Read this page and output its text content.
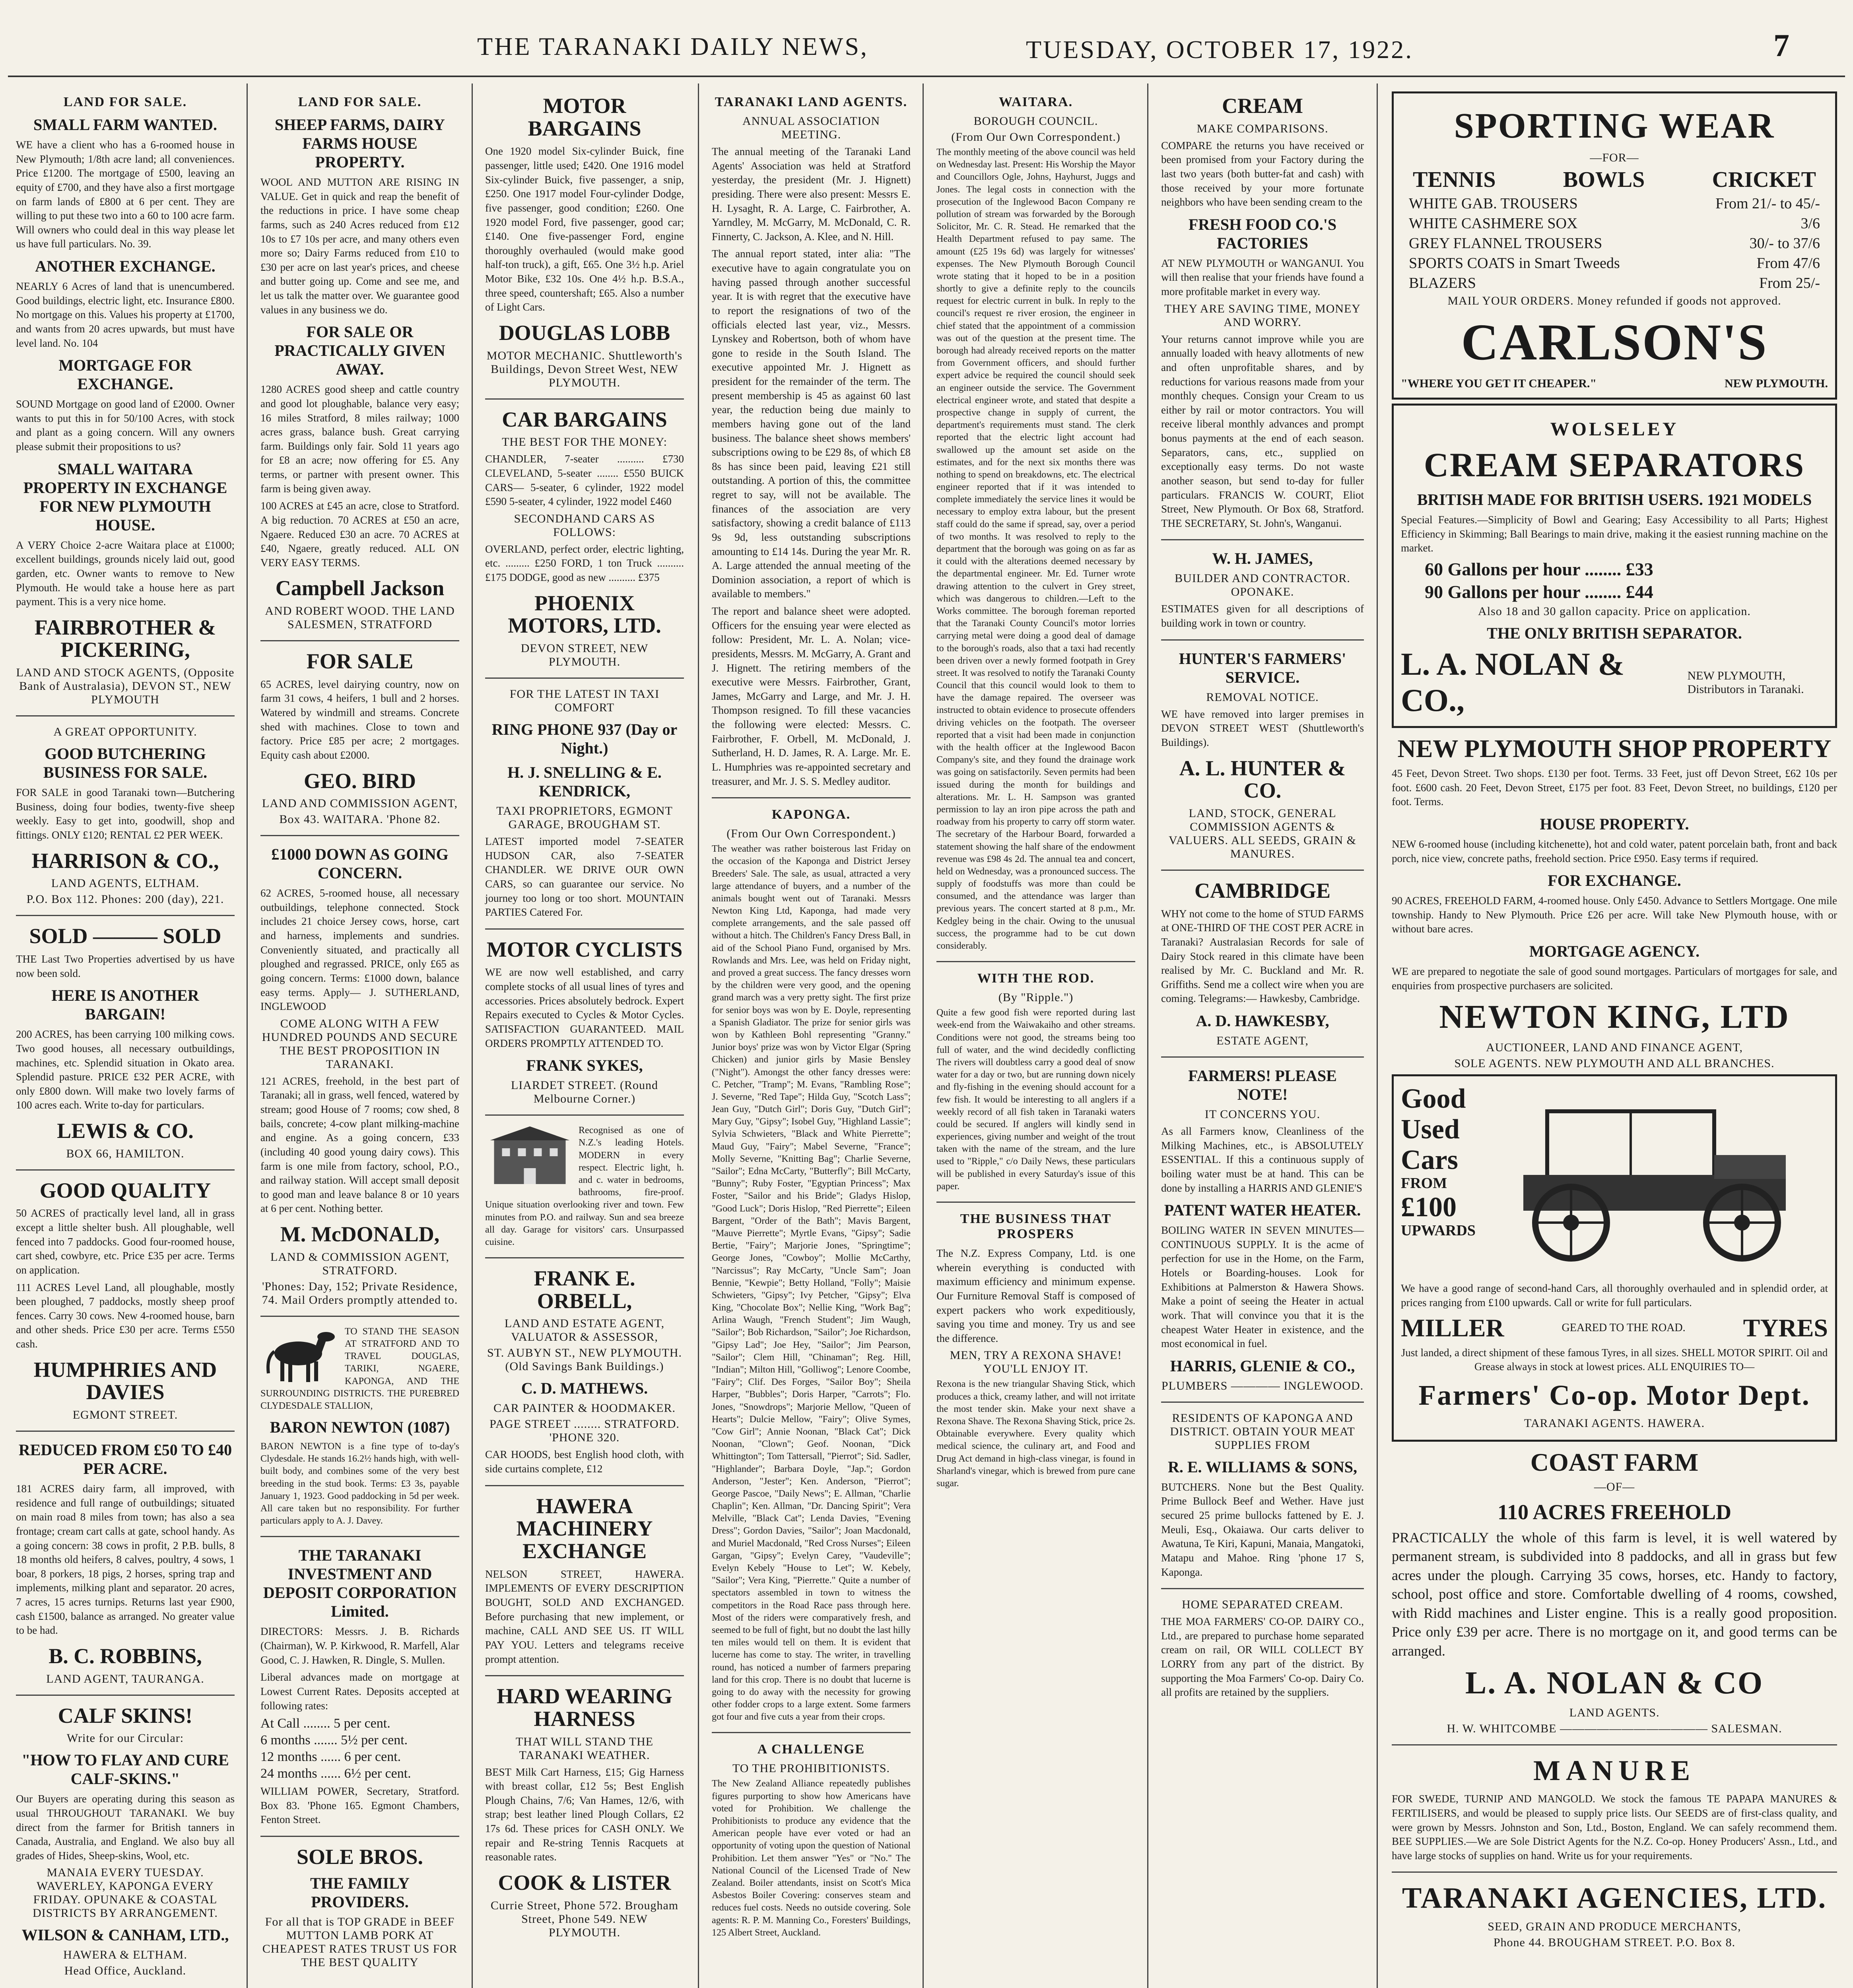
THE TARANAKI DAILY NEWS,	TUESDAY, OCTOBER 17, 1922.	7
LAND FOR SALE.
SMALL FARM WANTED.
WE have a client who has a 6-roomed house in New Plymouth; 1/8th acre land; all conveniences. Price £1200. The mortgage of £500, leaving an equity of £700, and they have also a first mortgage on farm lands of £800 at 6 per cent. They are willing to put these two into a 60 to 100 acre farm. Will owners who could deal in this way please let us have full particulars. No. 39.
ANOTHER EXCHANGE.
NEARLY 6 Acres of land that is unencumbered. Good buildings, electric light, etc. Insurance £800. No mortgage on this. Values his property at £1700, and wants from 20 acres upwards, but must have level land. No. 104
MORTGAGE FOR EXCHANGE.
SOUND Mortgage on good land of £2000. Owner wants to put this in for 50/100 Acres, with stock and plant as a going concern. Will any owners please submit their propositions to us?
SMALL WAITARA PROPERTY IN EXCHANGE FOR NEW PLYMOUTH HOUSE.
A VERY Choice 2-acre Waitara place at £1000; excellent buildings, grounds nicely laid out, good garden, etc. Owner wants to remove to New Plymouth. He would take a house here as part payment. This is a very nice home.
FAIRBROTHER & PICKERING,
LAND AND STOCK AGENTS, (Opposite Bank of Australasia), DEVON ST., NEW PLYMOUTH
A GREAT OPPORTUNITY.
GOOD BUTCHERING BUSINESS FOR SALE.
FOR SALE in good Taranaki town—Butchering Business, doing four bodies, twenty-five sheep weekly. Easy to get into, goodwill, shop and fittings. ONLY £120; RENTAL £2 PER WEEK.
HARRISON & CO.,
LAND AGENTS, ELTHAM.
P.O. Box 112. Phones: 200 (day), 221.
SOLD ——— SOLD
THE Last Two Properties advertised by us have now been sold.
HERE IS ANOTHER BARGAIN!
200 ACRES, has been carrying 100 milking cows. Two good houses, all necessary outbuildings, machines, etc. Splendid situation in Okato area. Splendid pasture. PRICE £32 PER ACRE, with only £800 down. Will make two lovely farms of 100 acres each. Write to-day for particulars.
LEWIS & CO.
BOX 66, HAMILTON.
GOOD QUALITY
50 ACRES of practically level land, all in grass except a little shelter bush. All ploughable, well fenced into 7 paddocks. Good four-roomed house, cart shed, cowbyre, etc. Price £35 per acre. Terms on application.
111 ACRES Level Land, all ploughable, mostly been ploughed, 7 paddocks, mostly sheep proof fences. Carry 30 cows. New 4-roomed house, barn and other sheds. Price £30 per acre. Terms £550 cash.
HUMPHRIES AND DAVIES
EGMONT STREET.
REDUCED FROM £50 TO £40 PER ACRE.
181 ACRES dairy farm, all improved, with residence and full range of outbuildings; situated on main road 8 miles from town; has also a sea frontage; cream cart calls at gate, school handy. As a going concern: 38 cows in profit, 2 P.B. bulls, 8 18 months old heifers, 8 calves, poultry, 4 sows, 1 boar, 8 porkers, 18 pigs, 2 horses, spring trap and implements, milking plant and separator. 20 acres, 7 acres, 15 acres turnips. Returns last year £900, cash £1500, balance as arranged. No greater value to be had.
B. C. ROBBINS,
LAND AGENT, TAURANGA.
CALF SKINS!
Write for our Circular:
"HOW TO FLAY AND CURE CALF-SKINS."
Our Buyers are operating during this season as usual THROUGHOUT TARANAKI. We buy direct from the farmer for British tanners in Canada, Australia, and England. We also buy all grades of Hides, Sheep-skins, Wool, etc.
MANAIA EVERY TUESDAY. WAVERLEY, KAPONGA EVERY FRIDAY. OPUNAKE & COASTAL DISTRICTS BY ARRANGEMENT.
WILSON & CANHAM, LTD.,
HAWERA & ELTHAM.
Head Office, Auckland.
LAND FOR SALE.
SHEEP FARMS, DAIRY FARMS HOUSE PROPERTY.
WOOL AND MUTTON ARE RISING IN VALUE. Get in quick and reap the benefit of the reductions in price. I have some cheap farms, such as 240 Acres reduced from £12 10s to £7 10s per acre, and many others even more so; Dairy Farms reduced from £10 to £30 per acre on last year's prices, and cheese and butter going up. Come and see me, and let us talk the matter over. We guarantee good values in any business we do.
FOR SALE OR PRACTICALLY GIVEN AWAY.
1280 ACRES good sheep and cattle country and good lot ploughable, balance very easy; 16 miles Stratford, 8 miles railway; 1000 acres grass, balance bush. Great carrying farm. Buildings only fair. Sold 11 years ago for £8 an acre; now offering for £5. Any terms, or partner with present owner. This farm is being given away.
100 ACRES at £45 an acre, close to Stratford. A big reduction. 70 ACRES at £50 an acre, Ngaere. Reduced £30 an acre. 70 ACRES at £40, Ngaere, greatly reduced. ALL ON VERY EASY TERMS.
Campbell Jackson
AND ROBERT WOOD. THE LAND SALESMEN, STRATFORD
FOR SALE
65 ACRES, level dairying country, now on farm 31 cows, 4 heifers, 1 bull and 2 horses. Watered by windmill and streams. Concrete shed with machines. Close to town and factory. Price £85 per acre; 2 mortgages. Equity cash about £2000.
GEO. BIRD
LAND AND COMMISSION AGENT,
Box 43. WAITARA. 'Phone 82.
£1000 DOWN AS GOING CONCERN.
62 ACRES, 5-roomed house, all necessary outbuildings, telephone connected. Stock includes 21 choice Jersey cows, horse, cart and harness, implements and sundries. Conveniently situated, and practically all ploughed and regrassed. PRICE, only £65 as going concern. Terms: £1000 down, balance easy terms. Apply— J. SUTHERLAND, INGLEWOOD
COME ALONG WITH A FEW HUNDRED POUNDS AND SECURE THE BEST PROPOSITION IN TARANAKI.
121 ACRES, freehold, in the best part of Taranaki; all in grass, well fenced, watered by stream; good House of 7 rooms; cow shed, 8 bails, concrete; 4-cow plant milking-machine and engine. As a going concern, £33 (including 40 good young dairy cows). This farm is one mile from factory, school, P.O., and railway station. Will accept small deposit to good man and leave balance 8 or 10 years at 6 per cent. Nothing better.
M. McDONALD,
LAND & COMMISSION AGENT, STRATFORD.
'Phones: Day, 152; Private Residence, 74. Mail Orders promptly attended to.
TO STAND THE SEASON AT STRATFORD AND TO TRAVEL DOUGLAS, TARIKI, NGAERE, KAPONGA, AND THE SURROUNDING DISTRICTS. THE PUREBRED CLYDESDALE STALLION,
BARON NEWTON (1087)
BARON NEWTON is a fine type of to-day's Clydesdale. He stands 16.2½ hands high, with well-built body, and combines some of the very best breeding in the stud book. Terms: £3 3s, payable January 1, 1923. Good paddocking in 5d per week. All care taken but no responsibility. For further particulars apply to A. J. Davey.
THE TARANAKI INVESTMENT AND DEPOSIT CORPORATION Limited.
DIRECTORS: Messrs. J. B. Richards (Chairman), W. P. Kirkwood, R. Marfell, Alar Good, C. J. Hawken, R. Dingle, S. Mullen.
Liberal advances made on mortgage at Lowest Current Rates. Deposits accepted at following rates:
At Call ........ 5 per cent.
6 months ....... 5½ per cent.
12 months ...... 6 per cent.
24 months ...... 6½ per cent.
WILLIAM POWER, Secretary, Stratford. Box 83. 'Phone 165. Egmont Chambers, Fenton Street.
SOLE BROS.
THE FAMILY PROVIDERS.
For all that is TOP GRADE in BEEF MUTTON LAMB PORK AT CHEAPEST RATES TRUST US FOR THE BEST QUALITY
MOTOR BARGAINS
One 1920 model Six-cylinder Buick, fine passenger, little used; £420. One 1916 model Six-cylinder Buick, five passenger, a snip, £250. One 1917 model Four-cylinder Dodge, five passenger, good condition; £260. One 1920 model Ford, five passenger, good car; £140. One five-passenger Ford, engine thoroughly overhauled (would make good half-ton truck), a gift, £65. One 3½ h.p. Ariel Motor Bike, £32 10s. One 4½ h.p. B.S.A., three speed, countershaft; £65. Also a number of Light Cars.
DOUGLAS LOBB
MOTOR MECHANIC. Shuttleworth's Buildings, Devon Street West, NEW PLYMOUTH.
CAR BARGAINS
THE BEST FOR THE MONEY:
CHANDLER, 7-seater .......... £730 CLEVELAND, 5-seater ........ £550 BUICK CARS— 5-seater, 6 cylinder, 1922 model £590 5-seater, 4 cylinder, 1922 model £460
SECONDHAND CARS AS FOLLOWS:
OVERLAND, perfect order, electric lighting, etc. ......... £250 FORD, 1 ton Truck .......... £175 DODGE, good as new .......... £375
PHOENIX MOTORS, LTD.
DEVON STREET, NEW PLYMOUTH.
FOR THE LATEST IN TAXI COMFORT
RING PHONE 937 (Day or Night.)
H. J. SNELLING & E. KENDRICK,
TAXI PROPRIETORS, EGMONT GARAGE, BROUGHAM ST.
LATEST imported model 7-SEATER HUDSON CAR, also 7-SEATER CHANDLER. WE DRIVE OUR OWN CARS, so can guarantee our service. No journey too long or too short. MOUNTAIN PARTIES Catered For.
MOTOR CYCLISTS
WE are now well established, and carry complete stocks of all usual lines of tyres and accessories. Prices absolutely bedrock. Expert Repairs executed to Cycles & Motor Cycles. SATISFACTION GUARANTEED. MAIL ORDERS PROMPTLY ATTENDED TO.
FRANK SYKES,
LIARDET STREET. (Round Melbourne Corner.)
Recognised as one of N.Z.'s leading Hotels. MODERN in every respect. Electric light, h. and c. water in bedrooms, bathrooms, fire-proof. Unique situation overlooking river and town. Few minutes from P.O. and railway. Sun and sea breeze all day. Garage for visitors' cars. Unsurpassed cuisine.
FRANK E. ORBELL,
LAND AND ESTATE AGENT, VALUATOR & ASSESSOR,
ST. AUBYN ST., NEW PLYMOUTH. (Old Savings Bank Buildings.)
C. D. MATHEWS.
CAR PAINTER & HOODMAKER.
PAGE STREET ........ STRATFORD. 'PHONE 320.
CAR HOODS, best English hood cloth, with side curtains complete, £12
HAWERA MACHINERY EXCHANGE
NELSON STREET, HAWERA. IMPLEMENTS OF EVERY DESCRIPTION BOUGHT, SOLD AND EXCHANGED. Before purchasing that new implement, or machine, CALL AND SEE US. IT WILL PAY YOU. Letters and telegrams receive prompt attention.
HARD WEARING HARNESS
THAT WILL STAND THE TARANAKI WEATHER.
BEST Milk Cart Harness, £15; Gig Harness with breast collar, £12 5s; Best English Plough Chains, 7/6; Van Hames, 12/6, with strap; best leather lined Plough Collars, £2 17s 6d. These prices for CASH ONLY. We repair and Re-string Tennis Racquets at reasonable rates.
COOK & LISTER
Currie Street, Phone 572. Brougham Street, Phone 549. NEW PLYMOUTH.
TARANAKI LAND AGENTS.
ANNUAL ASSOCIATION MEETING.
The annual meeting of the Taranaki Land Agents' Association was held at Stratford yesterday, the president (Mr. J. Hignett) presiding. There were also present: Messrs E. H. Lysaght, R. A. Large, C. Fairbrother, A. Yarndley, M. McGarry, M. McDonald, C. R. Finnerty, C. Jackson, A. Klee, and N. Hill.
The annual report stated, inter alia: "The executive have to again congratulate you on having passed through another successful year. It is with regret that the executive have to report the resignations of two of the officials elected last year, viz., Messrs. Lynskey and Robertson, both of whom have gone to reside in the South Island. The executive appointed Mr. J. Hignett as president for the remainder of the term. The present membership is 45 as against 60 last year, the reduction being due mainly to members having gone out of the land business. The balance sheet shows members' subscriptions owing to be £29 8s, of which £8 8s has since been paid, leaving £21 still outstanding. A portion of this, the committee regret to say, will not be available. The finances of the association are very satisfactory, showing a credit balance of £113 9s 9d, less outstanding subscriptions amounting to £14 14s. During the year Mr. R. A. Large attended the annual meeting of the Dominion association, a report of which is available to members."
The report and balance sheet were adopted. Officers for the ensuing year were elected as follow: President, Mr. L. A. Nolan; vice-presidents, Messrs. M. McGarry, A. Grant and J. Hignett. The retiring members of the executive were Messrs. Fairbrother, Grant, James, McGarry and Large, and Mr. J. H. Thompson resigned. To fill these vacancies the following were elected: Messrs. C. Fairbrother, F. Orbell, M. McDonald, J. Sutherland, H. D. James, R. A. Large. Mr. E. L. Humphries was re-appointed secretary and treasurer, and Mr. J. S. S. Medley auditor.
KAPONGA.
(From Our Own Correspondent.)
The weather was rather boisterous last Friday on the occasion of the Kaponga and District Jersey Breeders' Sale. The sale, as usual, attracted a very large attendance of buyers, and a number of the animals bought went out of Taranaki. Messrs Newton King Ltd, Kaponga, had made very complete arrangements, and the sale passed off without a hitch. The Children's Fancy Dress Ball, in aid of the School Piano Fund, organised by Mrs. Rowlands and Mrs. Lee, was held on Friday night, and proved a great success. The fancy dresses worn by the children were very good, and the opening grand march was a very pretty sight. The first prize for senior boys was won by E. Doyle, representing a Spanish Gladiator. The prize for senior girls was won by Kathleen Bohl representing "Granny." Junior boys' prize was won by Victor Elgar (Spring Chicken) and junior girls by Masie Bensley ("Night"). Amongst the other fancy dresses were: C. Petcher, "Tramp"; M. Evans, "Rambling Rose"; J. Severne, "Red Tape"; Hilda Guy, "Scotch Lass"; Jean Guy, "Dutch Girl"; Doris Guy, "Dutch Girl"; Mary Guy, "Gipsy"; Isobel Guy, "Highland Lassie"; Sylvia Schwieters, "Black and White Pierrette"; Maud Guy, "Fairy"; Mabel Severne, "France"; Molly Severne, "Knitting Bag"; Charlie Severne, "Sailor"; Edna McCarty, "Butterfly"; Bill McCarty, "Bunny"; Ruby Foster, "Egyptian Princess"; Max Foster, "Sailor and his Bride"; Gladys Hislop, "Good Luck"; Doris Hislop, "Red Pierrette"; Eileen Bargent, "Order of the Bath"; Mavis Bargent, "Mauve Pierrette"; Myrtle Evans, "Gipsy"; Sadie Bertie, "Fairy"; Marjorie Jones, "Springtime"; George Jones, "Cowboy"; Mollie McCarthy, "Narcissus"; Ray McCarty, "Uncle Sam"; Joan Bennie, "Kewpie"; Betty Holland, "Folly"; Maisie Schwieters, "Gipsy"; Ivy Petcher, "Gipsy"; Elva King, "Chocolate Box"; Nellie King, "Work Bag"; Arlina Waugh, "French Student"; Jim Waugh, "Sailor"; Bob Richardson, "Sailor"; Joe Richardson, "Gipsy Lad"; Joe Hey, "Sailor"; Jim Pearson, "Sailor"; Clem Hill, "Chinaman"; Reg. Hill, "Indian"; Milton Hill, "Golliwog"; Lenore Coombe, "Fairy"; Clif. Des Forges, "Sailor Boy"; Sheila Harper, "Bubbles"; Doris Harper, "Carrots"; Flo. Jones, "Snowdrops"; Marjorie Mellow, "Queen of Hearts"; Dulcie Mellow, "Fairy"; Olive Symes, "Cow Girl"; Annie Noonan, "Black Cat"; Dick Noonan, "Clown"; Geof. Noonan, "Dick Whittington"; Tom Tattersall, "Pierrot"; Sid. Sadler, "Highlander"; Barbara Doyle, "Jap."; Gordon Anderson, "Jester"; Ken. Anderson, "Pierrot"; George Pascoe, "Daily News"; E. Allman, "Charlie Chaplin"; Ken. Allman, "Dr. Dancing Spirit"; Vera Melville, "Black Cat"; Lenda Davies, "Evening Dress"; Gordon Davies, "Sailor"; Joan Macdonald, and Muriel Macdonald, "Red Cross Nurses"; Eileen Gargan, "Gipsy"; Evelyn Carey, "Vaudeville"; Evelyn Kebely "House to Let"; W. Kebely, "Sailor"; Vera King, "Pierrette." Quite a number of spectators assembled in town to witness the competitors in the Road Race pass through here. Most of the riders were comparatively fresh, and seemed to be full of fight, but no doubt the last hilly ten miles would tell on them. It is evident that lucerne has come to stay. The writer, in travelling round, has noticed a number of farmers preparing land for this crop. There is no doubt that lucerne is going to do away with the necessity for growing other fodder crops to a large extent. Some farmers got four and five cuts a year from their crops.
A CHALLENGE
TO THE PROHIBITIONISTS.
The New Zealand Alliance repeatedly publishes figures purporting to show how Americans have voted for Prohibition. We challenge the Prohibitionists to produce any evidence that the American people have ever voted or had an opportunity of voting upon the question of National Prohibition. Let them answer "Yes" or "No." The National Council of the Licensed Trade of New Zealand. Boiler attendants, insist on Scott's Mica Asbestos Boiler Covering: conserves steam and reduces fuel costs. Needs no outside covering. Sole agents: R. P. M. Manning Co., Foresters' Buildings, 125 Albert Street, Auckland.
WAITARA.
BOROUGH COUNCIL.
(From Our Own Correspondent.)
The monthly meeting of the above council was held on Wednesday last. Present: His Worship the Mayor and Councillors Ogle, Johns, Hayhurst, Juggs and Jones. The legal costs in connection with the prosecution of the Inglewood Bacon Company re pollution of stream was forwarded by the Borough Solicitor, Mr. C. R. Stead. He remarked that the Health Department refused to pay same. The amount (£25 19s 6d) was largely for witnesses' expenses. The New Plymouth Borough Council wrote stating that it hoped to be in a position shortly to give a definite reply to the councils request for electric current in bulk. In reply to the council's request re river erosion, the engineer in chief stated that the appointment of a commission was out of the question at the present time. The borough had already received reports on the matter from Government officers, and should further expert advice be required the council should seek an engineer outside the service. The Government electrical engineer wrote, and stated that despite a prospective change in supply of current, the department's requirements must stand. The clerk reported that the electric light account had swallowed up the amount set aside on the estimates, and for the next six months there was nothing to spend on breakdowns, etc. The electrical engineer reported that if it was intended to complete immediately the service lines it would be necessary to employ extra labour, but the present staff could do the same if spread, say, over a period of two months. It was resolved to reply to the department that the borough was going on as far as it could with the alterations deemed necessary by the departmental engineer. Mr. Ed. Turner wrote drawing attention to the culvert in Grey street, which was dangerous to children.—Left to the Works committee. The borough foreman reported that the Taranaki County Council's motor lorries carrying metal were doing a good deal of damage to the borough's roads, also that a taxi had recently been driven over a newly formed footpath in Grey street. It was resolved to notify the Taranaki County Council that this council would look to them to have the damage repaired. The overseer was instructed to obtain evidence to prosecute offenders driving vehicles on the footpath. The overseer reported that a visit had been made in conjunction with the health officer at the Inglewood Bacon Company's site, and they found the drainage work was going on satisfactorily. Seven permits had been issued during the month for buildings and alterations. Mr. L. H. Sampson was granted permission to lay an iron pipe across the path and roadway from his property to carry off storm water. The secretary of the Harbour Board, forwarded a statement showing the half share of the endowment revenue was £98 4s 2d. The annual tea and concert, held on Wednesday, was a pronounced success. The supply of foodstuffs was more than could be consumed, and the attendance was larger than previous years. The concert started at 8 p.m., Mr. Kedgley being in the chair. Owing to the unusual success, the programme had to be cut down considerably.
WITH THE ROD.
(By "Ripple.")
Quite a few good fish were reported during last week-end from the Waiwakaiho and other streams. Conditions were not good, the streams being too full of water, and the wind decidedly conflicting The rivers will doubtless carry a good deal of snow water for a day or two, but are running down nicely and fly-fishing in the evening should account for a few fish. It would be interesting to all anglers if a weekly record of all fish taken in Taranaki waters could be secured. If anglers will kindly send in experiences, giving number and weight of the trout taken with the name of the stream, and the lure used to "Ripple," c/o Daily News, these particulars will be published in every Saturday's issue of this paper.
THE BUSINESS THAT PROSPERS
The N.Z. Express Company, Ltd. is one wherein everything is conducted with maximum efficiency and minimum expense. Our Furniture Removal Staff is composed of expert packers who work expeditiously, saving you time and money. Try us and see the difference.
MEN, TRY A REXONA SHAVE! YOU'LL ENJOY IT.
Rexona is the new triangular Shaving Stick, which produces a thick, creamy lather, and will not irritate the most tender skin. Make your next shave a Rexona Shave. The Rexona Shaving Stick, price 2s. Obtainable everywhere. Every quality which medical science, the culinary art, and Food and Drug Act demand in high-class vinegar, is found in Sharland's vinegar, which is brewed from pure cane sugar.
CREAM
MAKE COMPARISONS.
COMPARE the returns you have received or been promised from your Factory during the last two years (both butter-fat and cash) with those received by your more fortunate neighbors who have been sending cream to the
FRESH FOOD CO.'S FACTORIES
AT NEW PLYMOUTH or WANGANUI. You will then realise that your friends have found a more profitable market in every way.
THEY ARE SAVING TIME, MONEY AND WORRY.
Your returns cannot improve while you are annually loaded with heavy allotments of new and often unprofitable shares, and by reductions for various reasons made from your monthly cheques. Consign your Cream to us either by rail or motor contractors. You will receive liberal monthly advances and prompt bonus payments at the end of each season. Separators, cans, etc., supplied on exceptionally easy terms. Do not waste another season, but send to-day for fuller particulars. FRANCIS W. COURT, Eliot Street, New Plymouth. Or Box 68, Stratford. THE SECRETARY, St. John's, Wanganui.
W. H. JAMES,
BUILDER AND CONTRACTOR. OPONAKE.
ESTIMATES given for all descriptions of building work in town or country.
HUNTER'S FARMERS' SERVICE.
REMOVAL NOTICE.
WE have removed into larger premises in DEVON STREET WEST (Shuttleworth's Buildings).
A. L. HUNTER & CO.
LAND, STOCK, GENERAL COMMISSION AGENTS & VALUERS. ALL SEEDS, GRAIN & MANURES.
CAMBRIDGE
WHY not come to the home of STUD FARMS at ONE-THIRD OF THE COST PER ACRE in Taranaki? Australasian Records for sale of Dairy Stock reared in this climate have been realised by Mr. C. Buckland and Mr. R. Griffiths. Send me a collect wire when you are coming. Telegrams:— Hawkesby, Cambridge.
A. D. HAWKESBY,
ESTATE AGENT,
FARMERS! PLEASE NOTE!
IT CONCERNS YOU.
As all Farmers know, Cleanliness of the Milking Machines, etc., is ABSOLUTELY ESSENTIAL. If this a continuous supply of boiling water must be at hand. This can be done by installing a HARRIS AND GLENIE'S
PATENT WATER HEATER.
BOILING WATER IN SEVEN MINUTES—CONTINUOUS SUPPLY. It is the acme of perfection for use in the Home, on the Farm, Hotels or Boarding-houses. Look for Exhibitions at Palmerston & Hawera Shows. Make a point of seeing the Heater in actual work. That will convince you that it is the cheapest Water Heater in existence, and the most economical in fuel.
HARRIS, GLENIE & CO.,
PLUMBERS ———— INGLEWOOD.
RESIDENTS OF KAPONGA AND DISTRICT. OBTAIN YOUR MEAT SUPPLIES FROM
R. E. WILLIAMS & SONS,
BUTCHERS. None but the Best Quality. Prime Bullock Beef and Wether. Have just secured 25 prime bullocks fattened by E. J. Meuli, Esq., Okaiawa. Our carts deliver to Awatuna, Te Kiri, Kapuni, Manaia, Mangatoki, Matapu and Mahoe. Ring 'phone 17 S, Kaponga.
HOME SEPARATED CREAM.
THE MOA FARMERS' CO-OP. DAIRY CO., Ltd., are prepared to purchase home separated cream on rail, OR WILL COLLECT BY LORRY from any part of the district. By supporting the Moa Farmers' Co-op. Dairy Co. all profits are retained by the suppliers.
SPORTING WEAR
—FOR—
TENNIS	BOWLS	CRICKET
WHITE GAB. TROUSERS	From 21/- to 45/-
WHITE CASHMERE SOX	3/6
GREY FLANNEL TROUSERS	30/- to 37/6
SPORTS COATS in Smart Tweeds	From 47/6
BLAZERS	From 25/-
MAIL YOUR ORDERS. Money refunded if goods not approved.
CARLSON'S
"WHERE YOU GET IT CHEAPER."	NEW PLYMOUTH.
WOLSELEY
CREAM SEPARATORS
BRITISH MADE FOR BRITISH USERS. 1921 MODELS
Special Features.—Simplicity of Bowl and Gearing; Easy Accessibility to all Parts; Highest Efficiency in Skimming; Ball Bearings to main drive, making it the easiest running machine on the market.
60 Gallons per hour ........ £33
90 Gallons per hour ........ £44
Also 18 and 30 gallon capacity. Price on application.
THE ONLY BRITISH SEPARATOR.
L. A. NOLAN & CO.,
NEW PLYMOUTH, Distributors in Taranaki.
NEW PLYMOUTH SHOP PROPERTY
45 Feet, Devon Street. Two shops. £130 per foot. Terms. 33 Feet, just off Devon Street, £62 10s per foot. £600 cash. 20 Feet, Devon Street, £175 per foot. 83 Feet, Devon Street, no buildings, £120 per foot. Terms.
HOUSE PROPERTY.
NEW 6-roomed house (including kitchenette), hot and cold water, patent porcelain bath, front and back porch, nice view, concrete paths, freehold section. Price £950. Easy terms if required.
FOR EXCHANGE.
90 ACRES, FREEHOLD FARM, 4-roomed house. Only £450. Advance to Settlers Mortgage. One mile township. Handy to New Plymouth. Price £26 per acre. Will take New Plymouth house, with or without bare acres.
MORTGAGE AGENCY.
WE are prepared to negotiate the sale of good sound mortgages. Particulars of mortgages for sale, and enquiries from prospective purchasers are solicited.
NEWTON KING, LTD
AUCTIONEER, LAND AND FINANCE AGENT,
SOLE AGENTS. NEW PLYMOUTH AND ALL BRANCHES.
Good Used Cars
FROM
£100
UPWARDS
We have a good range of second-hand Cars, all thoroughly overhauled and in splendid order, at prices ranging from £100 upwards. Call or write for full particulars.
MILLER	GEARED TO THE ROAD. TYRES
Just landed, a direct shipment of these famous Tyres, in all sizes. SHELL MOTOR SPIRIT. Oil and Grease always in stock at lowest prices. ALL ENQUIRIES TO—
Farmers' Co-op. Motor Dept.
TARANAKI AGENTS. HAWERA.
COAST FARM
—OF—
110 ACRES FREEHOLD
PRACTICALLY the whole of this farm is level, it is well watered by permanent stream, is subdivided into 8 paddocks, and all in grass but few acres under the plough. Carrying 35 cows, horses, etc. Handy to factory, school, post office and store. Comfortable dwelling of 4 rooms, cowshed, with Ridd machines and Lister engine. This is a really good proposition. Price only £39 per acre. There is no mortgage on it, and good terms can be arranged.
L. A. NOLAN & CO
LAND AGENTS.
H. W. WHITCOMBE ———————————— SALESMAN.
MANURE
FOR SWEDE, TURNIP AND MANGOLD. We stock the famous TE PAPAPA MANURES & FERTILISERS, and would be pleased to supply price lists. Our SEEDS are of first-class quality, and were grown by Messrs. Johnston and Son, Ltd., Boston, England. We can safely recommend them. BEE SUPPLIES.—We are Sole District Agents for the N.Z. Co-op. Honey Producers' Assn., Ltd., and have large stocks of supplies on hand. Write us for your requirements.
TARANAKI AGENCIES, LTD.
SEED, GRAIN AND PRODUCE MERCHANTS,
Phone 44. BROUGHAM STREET. P.O. Box 8.
